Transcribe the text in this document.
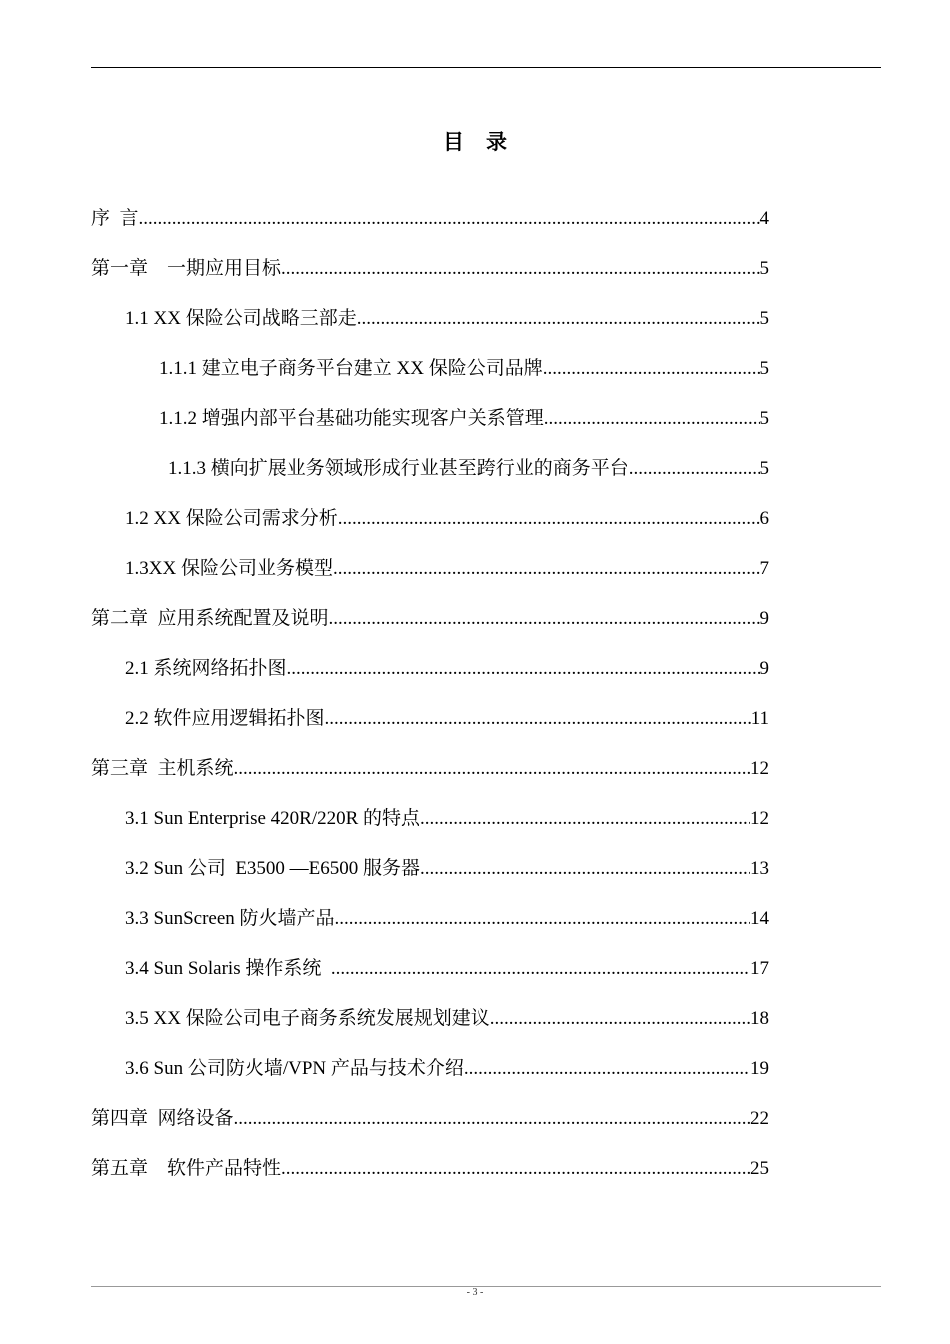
目录
序  言 .....	4
第一章    一期应用目标 .....	5
1.1 XX 保险公司战略三部走 .....	5
1.1.1 建立电子商务平台建立 XX 保险公司品牌 .....	5
1.1.2 增强内部平台基础功能实现客户关系管理 .....	5
1.1.3 横向扩展业务领域形成行业甚至跨行业的商务平台 .....	5
1.2 XX 保险公司需求分析 .....	6
1.3XX 保险公司业务模型 .....	7
第二章  应用系统配置及说明 .....	9
2.1 系统网络拓扑图 .....	9
2.2 软件应用逻辑拓扑图 .....	11
第三章  主机系统 .....	12
3.1 Sun Enterprise 420R/220R 的特点 .....	12
3.2 Sun 公司  E3500 —E6500 服务器 .....	13
3.3 SunScreen 防火墙产品 .....	14
3.4 Sun Solaris 操作系统 .....	17
3.5 XX 保险公司电子商务系统发展规划建议 .....	18
3.6 Sun 公司防火墙/VPN 产品与技术介绍 .....	19
第四章  网络设备 .....	22
第五章    软件产品特性 .....	25
- 3 -
